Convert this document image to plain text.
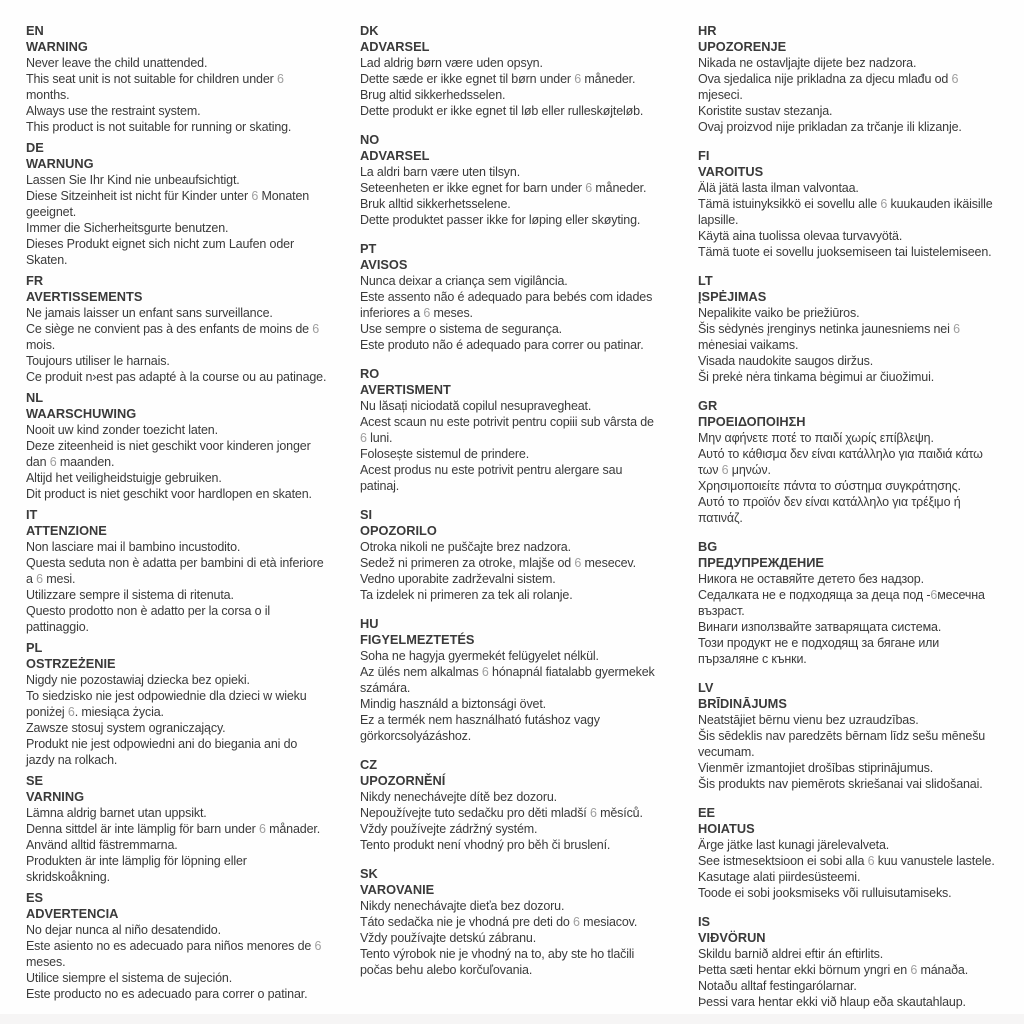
EN
WARNING
Never leave the child unattended.
This seat unit is not suitable for children under 6
months.
Always use the restraint system.
This product is not suitable for running or skating.
DE
WARNUNG
Lassen Sie Ihr Kind nie unbeaufsichtigt.
Diese Sitzeinheit ist nicht für Kinder unter 6 Monaten
geeignet.
Immer die Sicherheitsgurte benutzen.
Dieses Produkt eignet sich nicht zum Laufen oder
Skaten.
FR
AVERTISSEMENTS
Ne jamais laisser un enfant sans surveillance.
Ce siège ne convient pas à des enfants de moins de 6
mois.
Toujours utiliser le harnais.
Ce produit n›est pas adapté à la course ou au patinage.
NL
WAARSCHUWING
Nooit uw kind zonder toezicht laten.
Deze ziteenheid is niet geschikt voor kinderen jonger
dan 6 maanden.
Altijd het veiligheidstuigje gebruiken.
Dit product is niet geschikt voor hardlopen en skaten.
IT
ATTENZIONE
Non lasciare mai il bambino incustodito.
Questa seduta non è adatta per bambini di età inferiore
a 6 mesi.
Utilizzare sempre il sistema di ritenuta.
Questo prodotto non è adatto per la corsa o il
pattinaggio.
PL
OSTRZEŻENIE
Nigdy nie pozostawiaj dziecka bez opieki.
To siedzisko nie jest odpowiednie dla dzieci w wieku
poniżej 6. miesiąca życia.
Zawsze stosuj system ograniczający.
Produkt nie jest odpowiedni ani do biegania ani do
jazdy na rolkach.
SE
VARNING
Lämna aldrig barnet utan uppsikt.
Denna sittdel är inte lämplig för barn under 6 månader.
Använd alltid fästremmarna.
Produkten är inte lämplig för löpning eller
skridskoåkning.
ES
ADVERTENCIA
No dejar nunca al niño desatendido.
Este asiento no es adecuado para niños menores de 6
meses.
Utilice siempre el sistema de sujeción.
Este producto no es adecuado para correr o patinar.
DK
ADVARSEL
Lad aldrig børn være uden opsyn.
Dette sæde er ikke egnet til børn under 6 måneder.
Brug altid sikkerhedsselen.
Dette produkt er ikke egnet til løb eller rulleskøjteløb.
NO
ADVARSEL
La aldri barn være uten tilsyn.
Seteenheten er ikke egnet for barn under 6 måneder.
Bruk alltid sikkerhetsselene.
Dette produktet passer ikke for løping eller skøyting.
PT
AVISOS
Nunca deixar a criança sem vigilância.
Este assento não é adequado para bebés com idades
inferiores a 6 meses.
Use sempre o sistema de segurança.
Este produto não é adequado para correr ou patinar.
RO
AVERTISMENT
Nu lăsați niciodată copilul nesupravegheat.
Acest scaun nu este potrivit pentru copiii sub vârsta de
6 luni.
Folosește sistemul de prindere.
Acest produs nu este potrivit pentru alergare sau
patinaj.
SI
OPOZORILO
Otroka nikoli ne puščajte brez nadzora.
Sedež ni primeren za otroke, mlajše od 6 mesecev.
Vedno uporabite zadrževalni sistem.
Ta izdelek ni primeren za tek ali rolanje.
HU
FIGYELMEZTETÉS
Soha ne hagyja gyermekét felügyelet nélkül.
Az ülés nem alkalmas 6 hónapnál fiatalabb gyermekek
számára.
Mindig használd a biztonsági övet.
Ez a termék nem használható futáshoz vagy
görkorcsolyázáshoz.
CZ
UPOZORNĚNÍ
Nikdy nenechávejte dítě bez dozoru.
Nepoužívejte tuto sedačku pro děti mladší 6 měsíců.
Vždy používejte zádržný systém.
Tento produkt není vhodný pro běh či bruslení.
SK
VAROVANIE
Nikdy nenechávajte dieťa bez dozoru.
Táto sedačka nie je vhodná pre deti do 6 mesiacov.
Vždy používajte detskú zábranu.
Tento výrobok nie je vhodný na to, aby ste ho tlačili
počas behu alebo korčuľovania.
HR
UPOZORENJE
Nikada ne ostavljajte dijete bez nadzora.
Ova sjedalica nije prikladna za djecu mlađu od 6
mjeseci.
Koristite sustav stezanja.
Ovaj proizvod nije prikladan za trčanje ili klizanje.
FI
VAROITUS
Älä jätä lasta ilman valvontaa.
Tämä istuinyksikkö ei sovellu alle 6 kuukauden ikäisille
lapsille.
Käytä aina tuolissa olevaa turvavyötä.
Tämä tuote ei sovellu juoksemiseen tai luistelemiseen.
LT
ĮSPĖJIMAS
Nepalikite vaiko be priežiūros.
Šis sėdynės įrenginys netinka jaunesniems nei 6
mėnesiai vaikams.
Visada naudokite saugos diržus.
Ši prekė nėra tinkama bėgimui ar čiuožimui.
GR
ΠΡΟΕΙΔΟΠΟΙΗΣΗ
Μην αφήνετε ποτέ το παιδί χωρίς επίβλεψη.
Αυτό το κάθισμα δεν είναι κατάλληλο για παιδιά κάτω
των 6 μηνών.
Χρησιμοποιείτε πάντα το σύστημα συγκράτησης.
Αυτό το προϊόν δεν είναι κατάλληλο για τρέξιμο ή
πατινάζ.
BG
ПРЕДУПРЕЖДЕНИЕ
Никога не оставяйте детето без надзор.
Седалката не е подходяща за деца под -6месечна
възраст.
Винаги използвайте затварящата система.
Този продукт не е подходящ за бягане или
пързаляне с кънки.
LV
BRĪDINĀJUMS
Neatstājiet bērnu vienu bez uzraudzības.
Šis sēdeklis nav paredzēts bērnam līdz sešu mēnešu
vecumam.
Vienmēr izmantojiet drošības stiprinājumus.
Šis produkts nav piemērots skriešanai vai slidošanai.
EE
HOIATUS
Ärge jätke last kunagi järelevalveta.
See istmesektsioon ei sobi alla 6 kuu vanustele lastele.
Kasutage alati piirdesüsteemi.
Toode ei sobi jooksmiseks või rulluisutamiseks.
IS
VIÐVÖRUN
Skildu barnið aldrei eftir án eftirlits.
Þetta sæti hentar ekki börnum yngri en 6 mánaða.
Notaðu alltaf festingarólarnar.
Þessi vara hentar ekki við hlaup eða skautahlaup.
